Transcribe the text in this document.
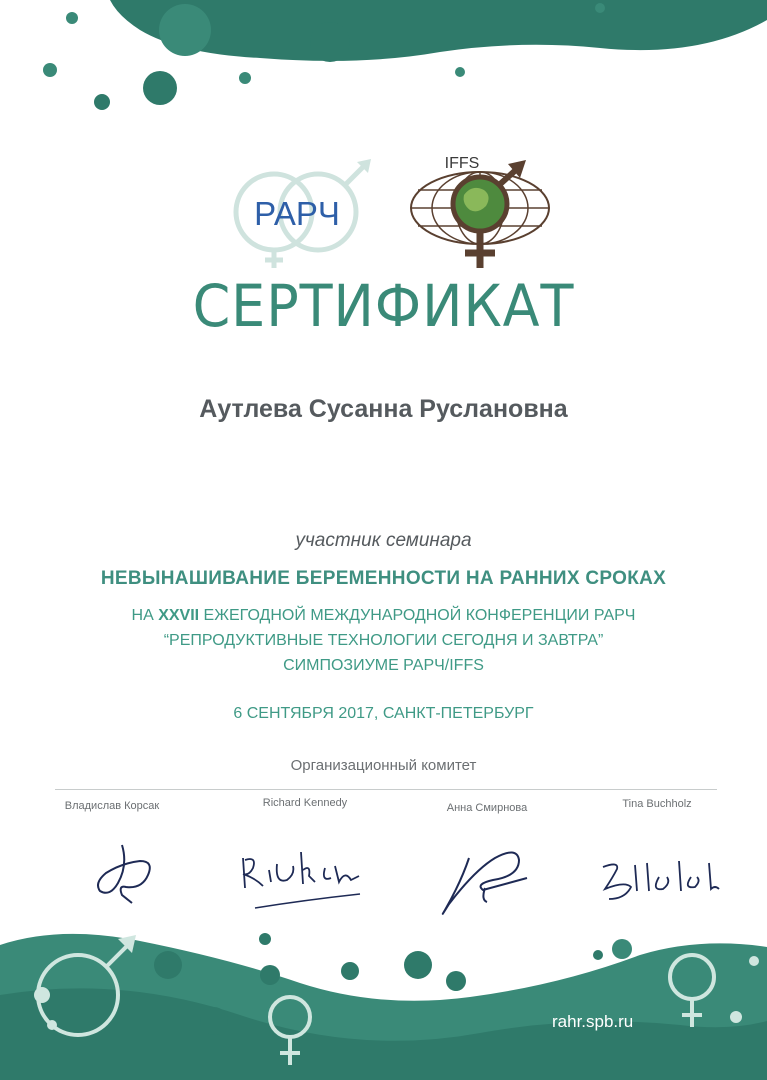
РАРЧ
IFFS
СЕРТИФИКАТ
Аутлева Сусанна Руслановна
участник семинара
НЕВЫНАШИВАНИЕ БЕРЕМЕННОСТИ НА РАННИХ СРОКАХ
НА XXVII ЕЖЕГОДНОЙ МЕЖДУНАРОДНОЙ КОНФЕРЕНЦИИ РАРЧ
“РЕПРОДУКТИВНЫЕ ТЕХНОЛОГИИ СЕГОДНЯ И ЗАВТРА”
СИМПОЗИУМЕ РАРЧ/IFFS
6 СЕНТЯБРЯ 2017, САНКТ-ПЕТЕРБУРГ
Организационный комитет
Владислав Корсак	Richard Kennedy	Анна Смирнова	Tina Buchholz
rahr.spb.ru
